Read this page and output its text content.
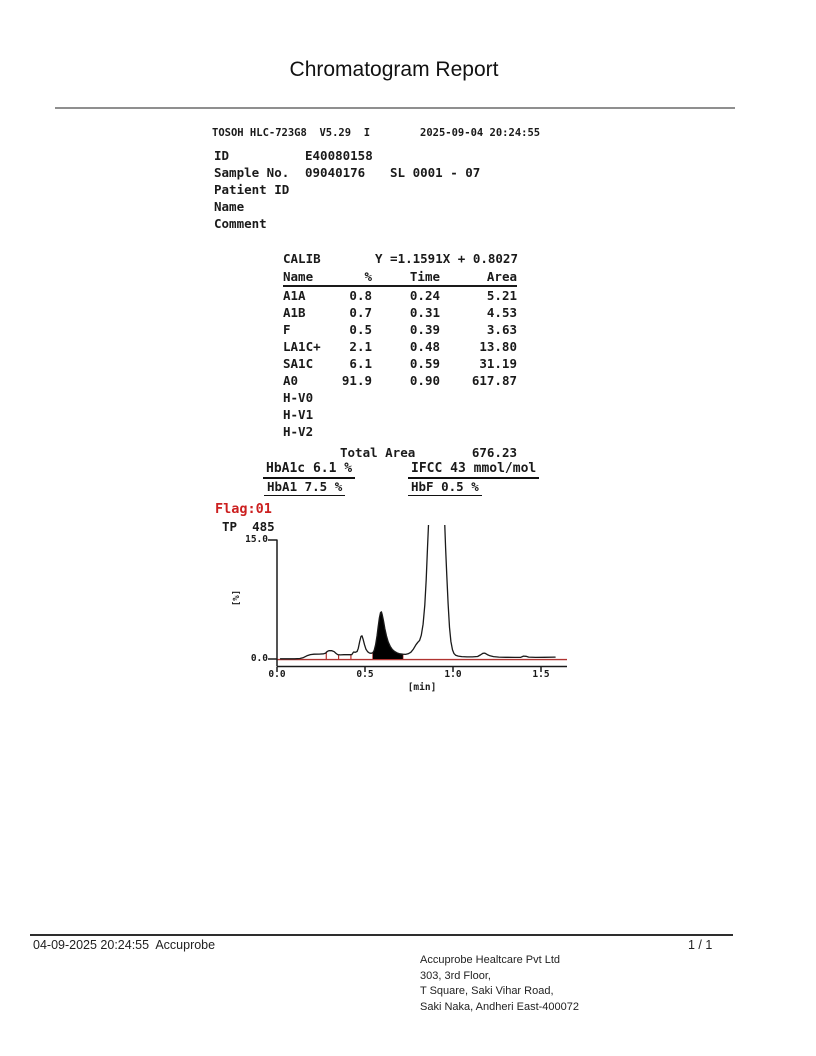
Chromatogram Report
TOSOH HLC-723G8  V5.29  I	2025-09-04 20:24:55
ID	E40080158
Sample No. 09040176 SL 0001 - 07
Patient ID
Name
Comment
CALIB	Y =1.1591X + 0.8027
Name	%	Time	Area
A1A	0.8	0.24	5.21
A1B	0.7	0.31	4.53
F	0.5	0.39	3.63
LA1C+	2.1	0.48	13.80
SA1C	6.1	0.59	31.19
A0	91.9	0.90	617.87
H-V0
H-V1
H-V2
Total Area	676.23
HbA1c 6.1 %	IFCC 43 mmol/mol
HbA1 7.5 %	HbF 0.5 %
Flag:01
TP  485
15.0
0.0
[%]
0.0	0.5	1.0	1.5
[min]
04-09-2025 20:24:55  Accuprobe	1 / 1
Accuprobe Healtcare Pvt Ltd
303, 3rd Floor,
T Square, Saki Vihar Road,
Saki Naka, Andheri East-400072
